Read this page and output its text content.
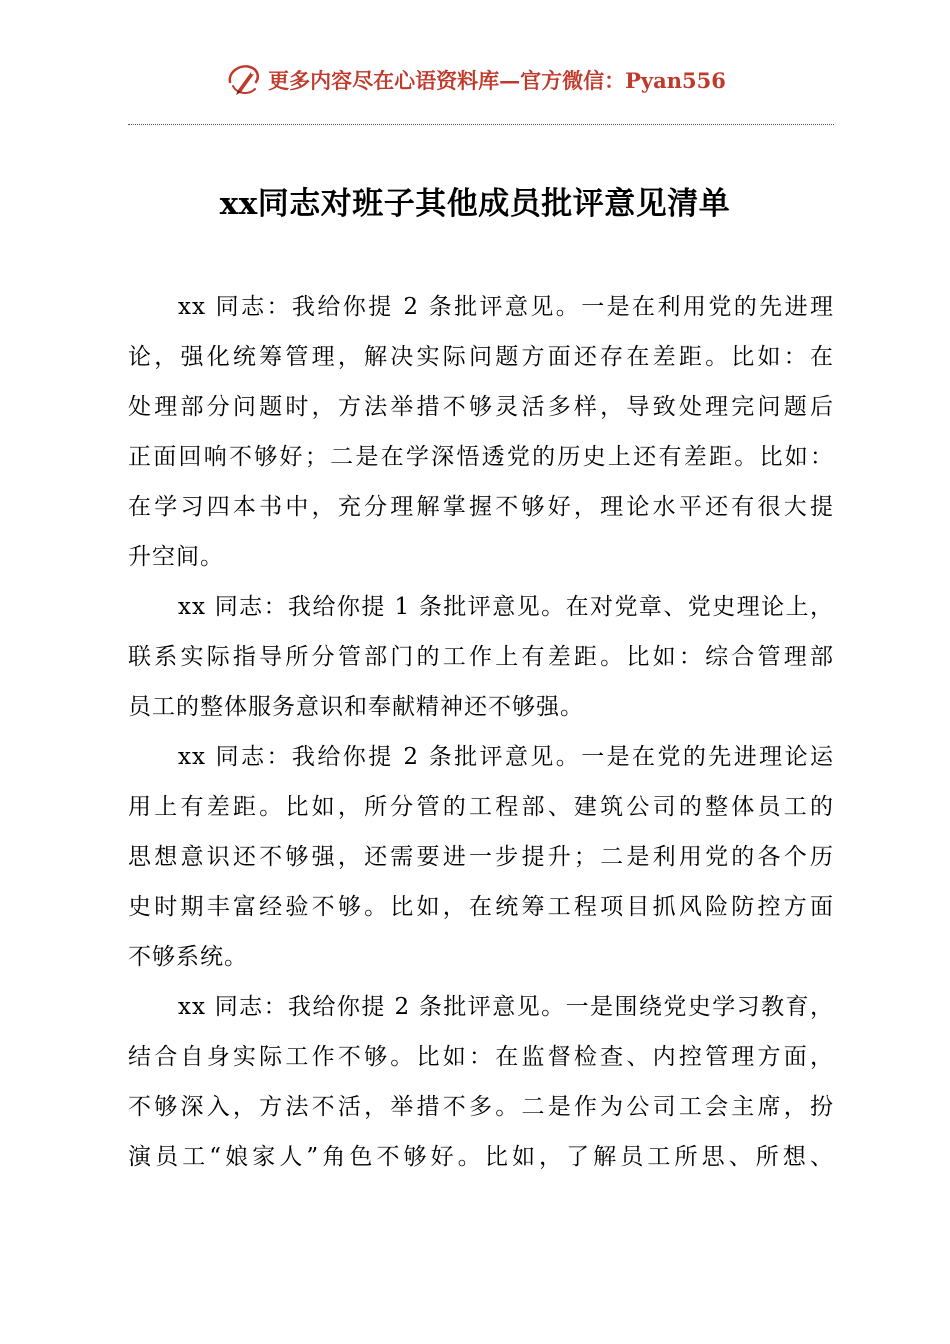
更多内容尽在心语资料库—官方微信：Pyan556
xx同志对班子其他成员批评意见清单
xx 同志：我给你提 2 条批评意见。一是在利用党的先进理
论，强化统筹管理，解决实际问题方面还存在差距。比如：在
处理部分问题时，方法举措不够灵活多样，导致处理完问题后
正面回响不够好；二是在学深悟透党的历史上还有差距。比如：
在学习四本书中，充分理解掌握不够好，理论水平还有很大提
升空间。
xx 同志：我给你提 1 条批评意见。在对党章、党史理论上，
联系实际指导所分管部门的工作上有差距。比如：综合管理部
员工的整体服务意识和奉献精神还不够强。
xx 同志：我给你提 2 条批评意见。一是在党的先进理论运
用上有差距。比如，所分管的工程部、建筑公司的整体员工的
思想意识还不够强，还需要进一步提升；二是利用党的各个历
史时期丰富经验不够。比如，在统筹工程项目抓风险防控方面
不够系统。
xx 同志：我给你提 2 条批评意见。一是围绕党史学习教育，
结合自身实际工作不够。比如：在监督检查、内控管理方面，
不够深入，方法不活，举措不多。二是作为公司工会主席，扮
演员工“娘家人”角色不够好。比如，了解员工所思、所想、
